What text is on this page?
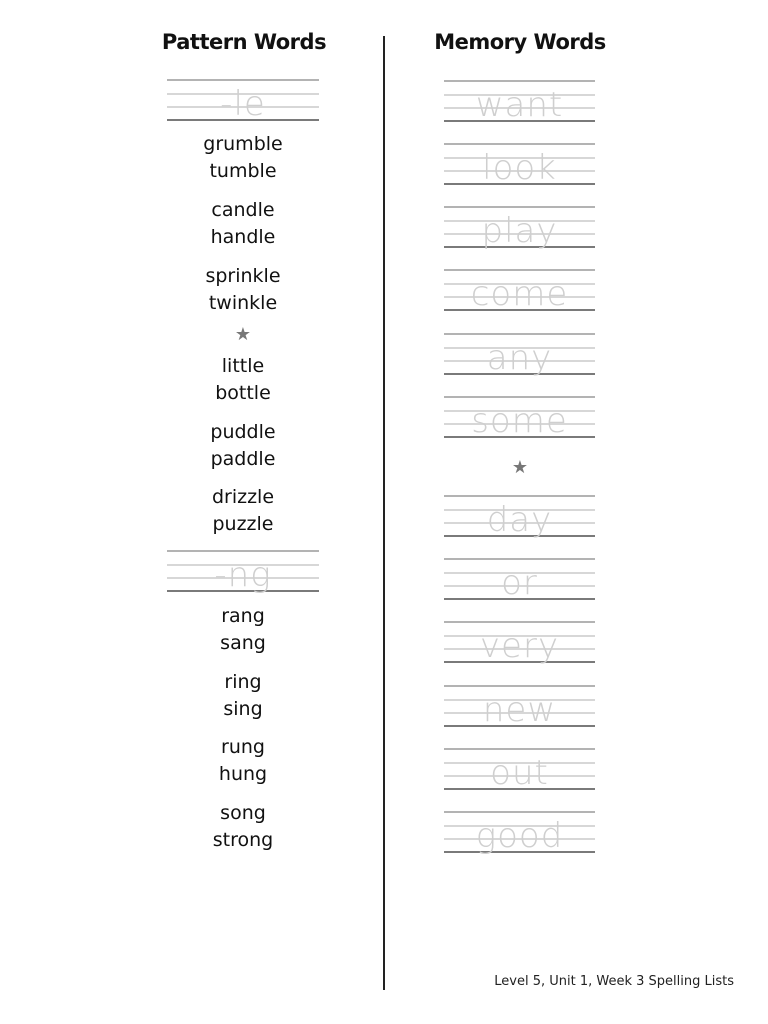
Pattern Words	Memory Words
-le
grumble
tumble
candle
handle
sprinkle
twinkle
★
little
bottle
puddle
paddle
drizzle
puzzle
-ng
rang
sang
ring
sing
rung
hung
song
strong
want
look
play
come
any
some
★
day
or
very
new
out
good
Level 5, Unit 1, Week 3 Spelling Lists
